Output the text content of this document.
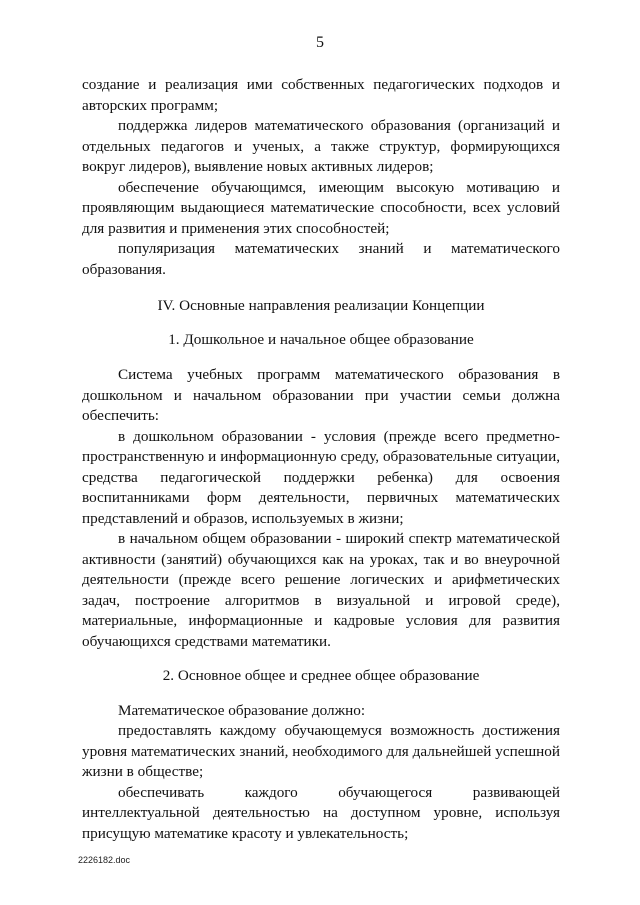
5

создание и реализация ими собственных педагогических подходов и авторских программ;

поддержка лидеров математического образования (организаций и отдельных педагогов и ученых, а также структур, формирующихся вокруг лидеров), выявление новых активных лидеров;

обеспечение обучающимся, имеющим высокую мотивацию и проявляющим выдающиеся математические способности, всех условий для развития и применения этих способностей;

популяризация математических знаний и математического образования.

IV. Основные направления реализации Концепции
1. Дошкольное и начальное общее образование

Система учебных программ математического образования в дошкольном и начальном образовании при участии семьи должна обеспечить:

в дошкольном образовании - условия (прежде всего предметно-пространственную и информационную среду, образовательные ситуации, средства педагогической поддержки ребенка) для освоения воспитанниками форм деятельности, первичных математических представлений и образов, используемых в жизни;

в начальном общем образовании - широкий спектр математической активности (занятий) обучающихся как на уроках, так и во внеурочной деятельности (прежде всего решение логических и арифметических задач, построение алгоритмов в визуальной и игровой среде), материальные, информационные и кадровые условия для развития обучающихся средствами математики.

2. Основное общее и среднее общее образование

Математическое образование должно:

предоставлять каждому обучающемуся возможность достижения уровня математических знаний, необходимого для дальнейшей успешной жизни в обществе;

обеспечивать каждого обучающегося развивающей интеллектуальной деятельностью на доступном уровне, используя присущую математике красоту и увлекательность;

2226182.doc
